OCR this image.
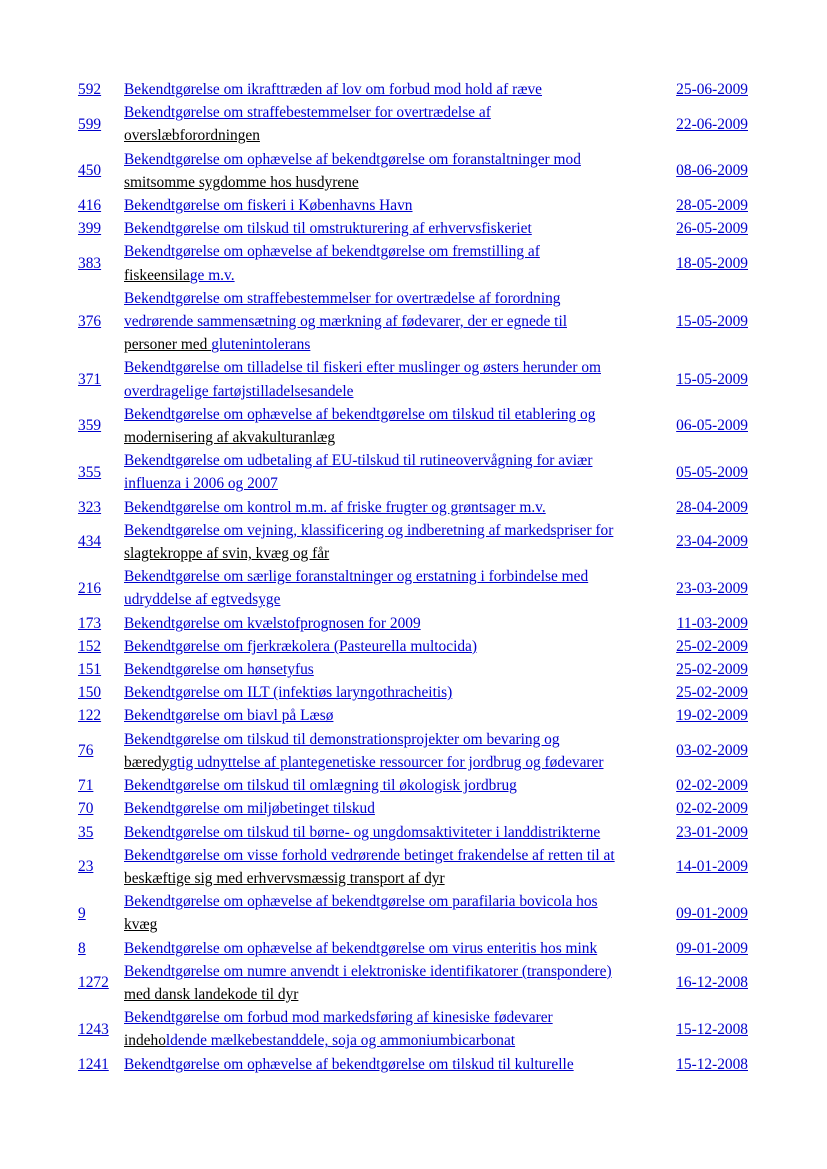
592	Bekendtgørelse om ikrafttræden af lov om forbud mod hold af ræve	25-06-2009
599	Bekendtgørelse om straffebestemmelser for overtrædelse af
overslæbforordningen	22-06-2009
450	Bekendtgørelse om ophævelse af bekendtgørelse om foranstaltninger mod
smitsomme sygdomme hos husdyrene	08-06-2009
416	Bekendtgørelse om fiskeri i Københavns Havn	28-05-2009
399	Bekendtgørelse om tilskud til omstrukturering af erhvervsfiskeriet	26-05-2009
383	Bekendtgørelse om ophævelse af bekendtgørelse om fremstilling af
fiskeensilage m.v.	18-05-2009
376	Bekendtgørelse om straffebestemmelser for overtrædelse af forordning
vedrørende sammensætning og mærkning af fødevarer, der er egnede til
personer med glutenintolerans	15-05-2009
371	Bekendtgørelse om tilladelse til fiskeri efter muslinger og østers herunder om
overdragelige fartøjstilladelsesandele	15-05-2009
359	Bekendtgørelse om ophævelse af bekendtgørelse om tilskud til etablering og
modernisering af akvakulturanlæg	06-05-2009
355	Bekendtgørelse om udbetaling af EU-tilskud til rutineovervågning for aviær
influenza i 2006 og 2007	05-05-2009
323	Bekendtgørelse om kontrol m.m. af friske frugter og grøntsager m.v.	28-04-2009
434	Bekendtgørelse om vejning, klassificering og indberetning af markedspriser for
slagtekroppe af svin, kvæg og får	23-04-2009
216	Bekendtgørelse om særlige foranstaltninger og erstatning i forbindelse med
udryddelse af egtvedsyge	23-03-2009
173	Bekendtgørelse om kvælstofprognosen for 2009	11-03-2009
152	Bekendtgørelse om fjerkrækolera (Pasteurella multocida)	25-02-2009
151	Bekendtgørelse om hønsetyfus	25-02-2009
150	Bekendtgørelse om ILT (infektiøs laryngothracheitis)	25-02-2009
122	Bekendtgørelse om biavl på Læsø	19-02-2009
76	Bekendtgørelse om tilskud til demonstrationsprojekter om bevaring og
bæredygtig udnyttelse af plantegenetiske ressourcer for jordbrug og fødevarer	03-02-2009
71	Bekendtgørelse om tilskud til omlægning til økologisk jordbrug	02-02-2009
70	Bekendtgørelse om miljøbetinget tilskud	02-02-2009
35	Bekendtgørelse om tilskud til børne- og ungdomsaktiviteter i landdistrikterne	23-01-2009
23	Bekendtgørelse om visse forhold vedrørende betinget frakendelse af retten til at
beskæftige sig med erhvervsmæssig transport af dyr	14-01-2009
9	Bekendtgørelse om ophævelse af bekendtgørelse om parafilaria bovicola hos
kvæg	09-01-2009
8	Bekendtgørelse om ophævelse af bekendtgørelse om virus enteritis hos mink	09-01-2009
1272	Bekendtgørelse om numre anvendt i elektroniske identifikatorer (transpondere)
med dansk landekode til dyr	16-12-2008
1243	Bekendtgørelse om forbud mod markedsføring af kinesiske fødevarer
indeholdende mælkebestanddele, soja og ammoniumbicarbonat	15-12-2008
1241	Bekendtgørelse om ophævelse af bekendtgørelse om tilskud til kulturelle	15-12-2008
